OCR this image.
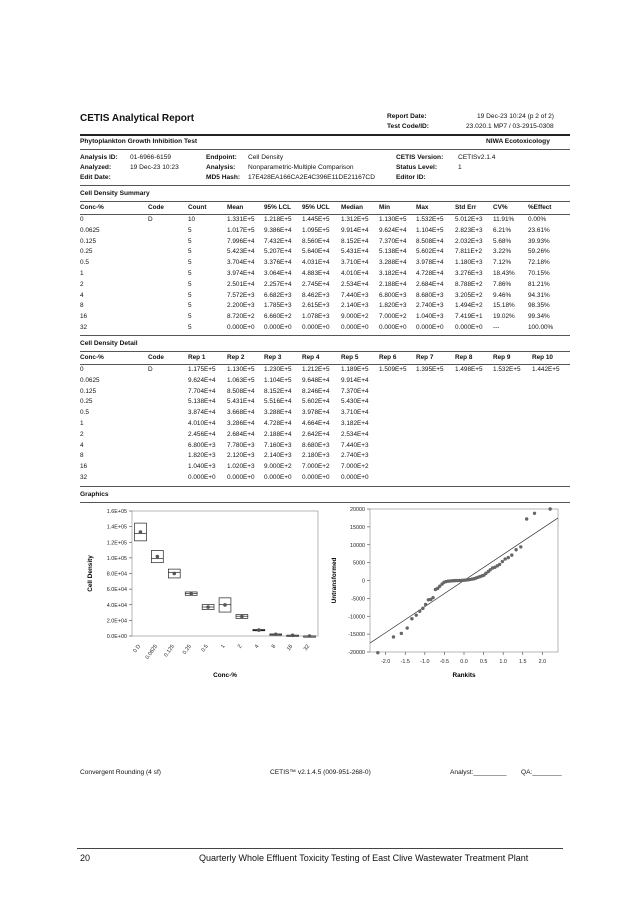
CETIS Analytical Report	Report Date:	19 Dec-23 10:24 (p 2 of 2)
Test Code/ID:	23.020.1 MP7 / 03-2915-0308
Phytoplankton Growth Inhibition Test	NIWA Ecotoxicology
Analysis ID: 01-6966-6159
Analyzed:	19 Dec-23 10:23
Edit Date:
Endpoint: Cell Density
Analysis: Nonparametric-Multiple Comparison
MD5 Hash: 17E428EA166CA2E4C396E11DE21167CD
CETIS Version: CETISv2.1.4
Status Level:	1
Editor ID:
Cell Density Summary
Conc-%	Code	Count	Mean	95% LCL 95% UCL Median Min	Max	Std Err	CV%	%Effect
0	D	10	1.331E+5 1.218E+5 1.445E+5 1.312E+5 1.130E+5 1.532E+5 5.012E+3 11.91% 0.00%
0.0625	5	1.017E+5 9.386E+4 1.095E+5 9.914E+4 9.624E+4 1.104E+5 2.823E+3 6.21%	23.61%
0.125	5	7.996E+4 7.432E+4 8.560E+4 8.152E+4 7.370E+4 8.508E+4 2.032E+3 5.68%	39.93%
0.25	5	5.423E+4 5.207E+4 5.640E+4 5.431E+4 5.138E+4 5.602E+4 7.811E+2 3.22%	59.26%
0.5	5	3.704E+4 3.376E+4 4.031E+4 3.710E+4 3.288E+4 3.978E+4 1.180E+3 7.12%	72.18%
1	5	3.974E+4 3.064E+4 4.883E+4 4.010E+4 3.182E+4 4.728E+4 3.276E+3 18.43% 70.15%
2	5	2.501E+4 2.257E+4 2.745E+4 2.534E+4 2.188E+4 2.684E+4 8.788E+2 7.86%	81.21%
4	5	7.572E+3 6.682E+3 8.462E+3 7.440E+3 6.800E+3 8.680E+3 3.205E+2 9.46%	94.31%
8	5	2.200E+3 1.785E+3 2.615E+3 2.140E+3 1.820E+3 2.740E+3 1.494E+2 15.18% 98.35%
16	5	8.720E+2 6.660E+2 1.078E+3 9.000E+2 7.000E+2 1.040E+3 7.419E+1 19.02% 99.34%
32	5	0.000E+0 0.000E+0 0.000E+0 0.000E+0 0.000E+0 0.000E+0 0.000E+0 ---	100.00%
Cell Density Detail
Conc-%	Code	Rep 1	Rep 2	Rep 3	Rep 4	Rep 5	Rep 6	Rep 7	Rep 8	Rep 9	Rep 10
0	D	1.175E+5 1.130E+5 1.230E+5 1.212E+5 1.189E+5 1.509E+5 1.395E+5 1.498E+5 1.532E+5 1.442E+5
0.0625	9.624E+4 1.063E+5 1.104E+5 9.648E+4 9.914E+4
0.125	7.704E+4 8.508E+4 8.152E+4 8.246E+4 7.370E+4
0.25	5.138E+4 5.431E+4 5.516E+4 5.602E+4 5.430E+4
0.5	3.874E+4 3.668E+4 3.288E+4 3.978E+4 3.710E+4
1	4.010E+4 3.286E+4 4.728E+4 4.664E+4 3.182E+4
2	2.456E+4 2.684E+4 2.188E+4 2.642E+4 2.534E+4
4	6.800E+3 7.780E+3 7.160E+3 8.680E+3 7.440E+3
8	1.820E+3 2.120E+3 2.140E+3 2.180E+3 2.740E+3
16	1.040E+3 1.020E+3 9.000E+2 7.000E+2 7.000E+2
32	0.000E+0 0.000E+0 0.000E+0 0.000E+0 0.000E+0
Graphics
0.0E+00
2.0E+04
4.0E+04
6.0E+04
8.0E+04
1.0E+05
1.2E+05
1.4E+05
1.6E+05
0 D 0.0625 0.125 0.25 0.5 1 2 4 8 16 32
Conc-%
Cell Density
-20000
-15000
-10000
-5000
0
5000
10000
15000
20000
-2.0 -1.5 -1.0 -0.5 0.0 0.5 1.0 1.5 2.0
Rankits
Untransformed
Convergent Rounding (4 sf)	CETIS™ v2.1.4.5 (009-951-268-0)	Analyst:_________ QA:________
20	Quarterly Whole Effluent Toxicity Testing of East Clive Wastewater Treatment Plant
